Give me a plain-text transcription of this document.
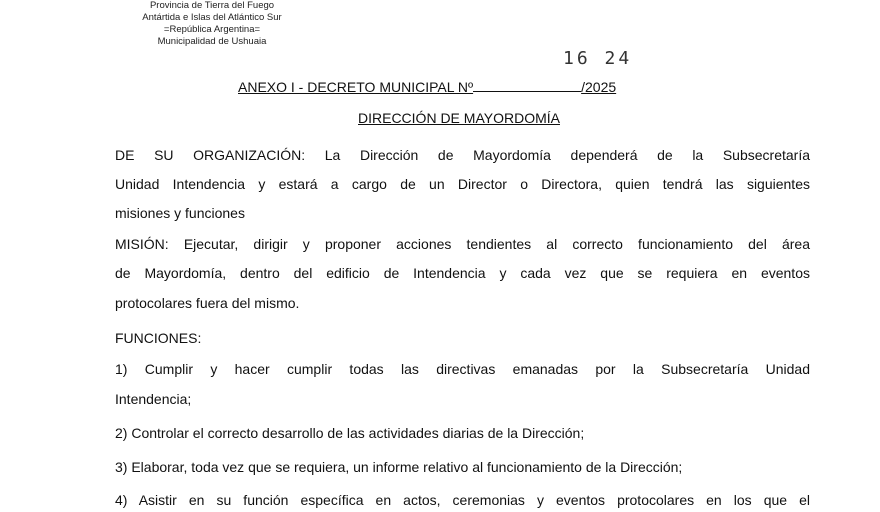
Provincia de Tierra del Fuego
Antártida e Islas del Atlántico Sur
=República Argentina=
Municipalidad de Ushuaia
16 24
ANEXO I - DECRETO MUNICIPAL Nº	/2025
DIRECCIÓN DE MAYORDOMÍA
DE SU ORGANIZACIÓN: La Dirección de Mayordomía dependerá de la Subsecretaría
Unidad Intendencia y estará a cargo de un Director o Directora, quien tendrá las siguientes
misiones y funciones
MISIÓN: Ejecutar, dirigir y proponer acciones tendientes al correcto funcionamiento del área
de Mayordomía, dentro del edificio de Intendencia y cada vez que se requiera en eventos
protocolares fuera del mismo.
FUNCIONES:
1) Cumplir y hacer cumplir todas las directivas emanadas por la Subsecretaría Unidad
Intendencia;
2) Controlar el correcto desarrollo de las actividades diarias de la Dirección;
3) Elaborar, toda vez que se requiera, un informe relativo al funcionamiento de la Dirección;
4) Asistir en su función específica en actos, ceremonias y eventos protocolares en los que el
